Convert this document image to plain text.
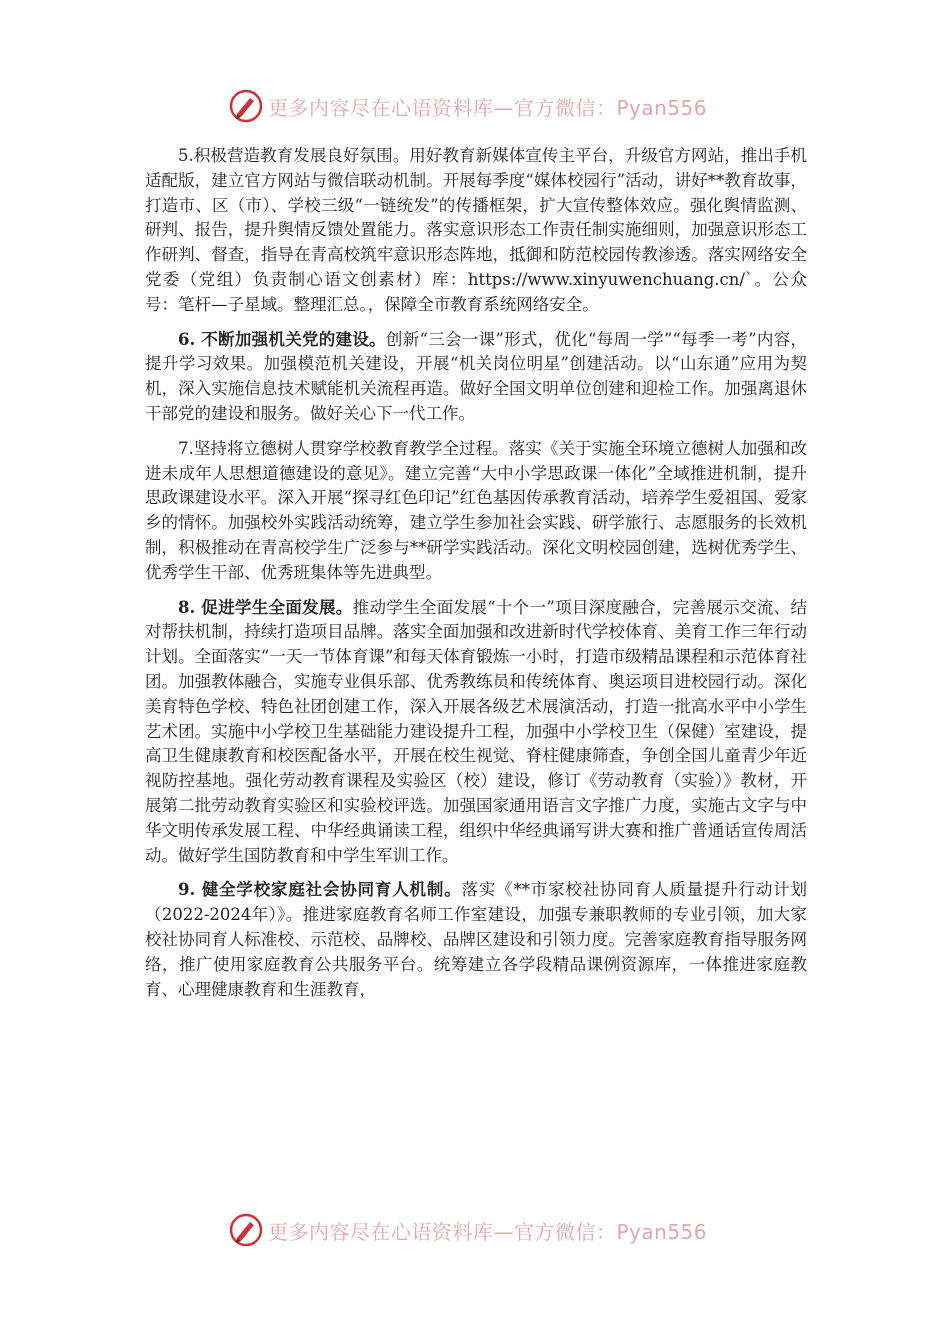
更多内容尽在心语资料库—官方微信：Pyan556

5.积极营造教育发展良好氛围。用好教育新媒体宣传主平台，升级官方网站，推出手机适配版，建立官方网站与微信联动机制。开展每季度“媒体校园行”活动，讲好**教育故事，打造市、区（市）、学校三级“一链统发”的传播框架，扩大宣传整体效应。强化舆情监测、研判、报告，提升舆情反馈处置能力。落实意识形态工作责任制实施细则，加强意识形态工作研判、督查，指导在青高校筑牢意识形态阵地，抵御和防范校园传教渗透。落实网络安全党委（党组）负责制心语文创素材）库：https://www.xinyuwenchuang.cn/`。公众号：笔杆—子星域。整理汇总。，保障全市教育系统网络安全。

6. 不断加强机关党的建设。创新“三会一课”形式，优化“每周一学”“每季一考”内容，提升学习效果。加强模范机关建设，开展“机关岗位明星”创建活动。以“山东通”应用为契机，深入实施信息技术赋能机关流程再造。做好全国文明单位创建和迎检工作。加强离退休干部党的建设和服务。做好关心下一代工作。

7.坚持将立德树人贯穿学校教育教学全过程。落实《关于实施全环境立德树人加强和改进未成年人思想道德建设的意见》。建立完善“大中小学思政课一体化”全域推进机制，提升思政课建设水平。深入开展“探寻红色印记”红色基因传承教育活动，培养学生爱祖国、爱家乡的情怀。加强校外实践活动统筹，建立学生参加社会实践、研学旅行、志愿服务的长效机制，积极推动在青高校学生广泛参与**研学实践活动。深化文明校园创建，选树优秀学生、优秀学生干部、优秀班集体等先进典型。

8. 促进学生全面发展。推动学生全面发展“十个一”项目深度融合，完善展示交流、结对帮扶机制，持续打造项目品牌。落实全面加强和改进新时代学校体育、美育工作三年行动计划。全面落实“一天一节体育课”和每天体育锻炼一小时，打造市级精品课程和示范体育社团。加强教体融合，实施专业俱乐部、优秀教练员和传统体育、奥运项目进校园行动。深化美育特色学校、特色社团创建工作，深入开展各级艺术展演活动，打造一批高水平中小学生艺术团。实施中小学校卫生基础能力建设提升工程，加强中小学校卫生（保健）室建设，提高卫生健康教育和校医配备水平，开展在校生视觉、脊柱健康筛查，争创全国儿童青少年近视防控基地。强化劳动教育课程及实验区（校）建设，修订《劳动教育（实验）》教材，开展第二批劳动教育实验区和实验校评选。加强国家通用语言文字推广力度，实施古文字与中华文明传承发展工程、中华经典诵读工程，组织中华经典诵写讲大赛和推广普通话宣传周活动。做好学生国防教育和中学生军训工作。

9. 健全学校家庭社会协同育人机制。落实《**市家校社协同育人质量提升行动计划（2022-2024年）》。推进家庭教育名师工作室建设，加强专兼职教师的专业引领，加大家校社协同育人标准校、示范校、品牌校、品牌区建设和引领力度。完善家庭教育指导服务网络，推广使用家庭教育公共服务平台。统筹建立各学段精品课例资源库，一体推进家庭教育、心理健康教育和生涯教育，

更多内容尽在心语资料库—官方微信：Pyan556
